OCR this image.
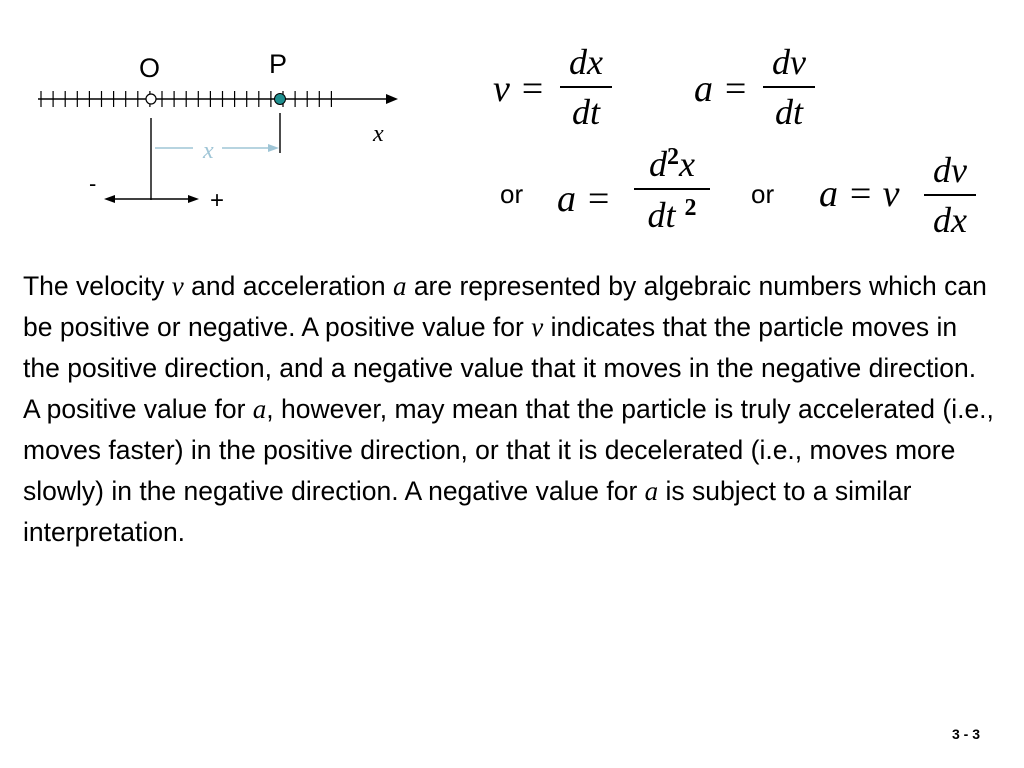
O	P
x
x
-
+
v =
dx
dt
a =
dv
dt
or a =
$d^2x$
dt $^2$	or a = v
dv
dx
The velocity v and acceleration a are represented by algebraic numbers which can be positive or negative. A positive value for v indicates that the particle moves in the positive direction, and a negative value that it moves in the negative direction. A positive value for a, however, may mean that the particle is truly accelerated (i.e., moves faster) in the positive direction, or that it is decelerated (i.e., moves more slowly) in the negative direction. A negative value for a is subject to a similar interpretation.
3 - 3
